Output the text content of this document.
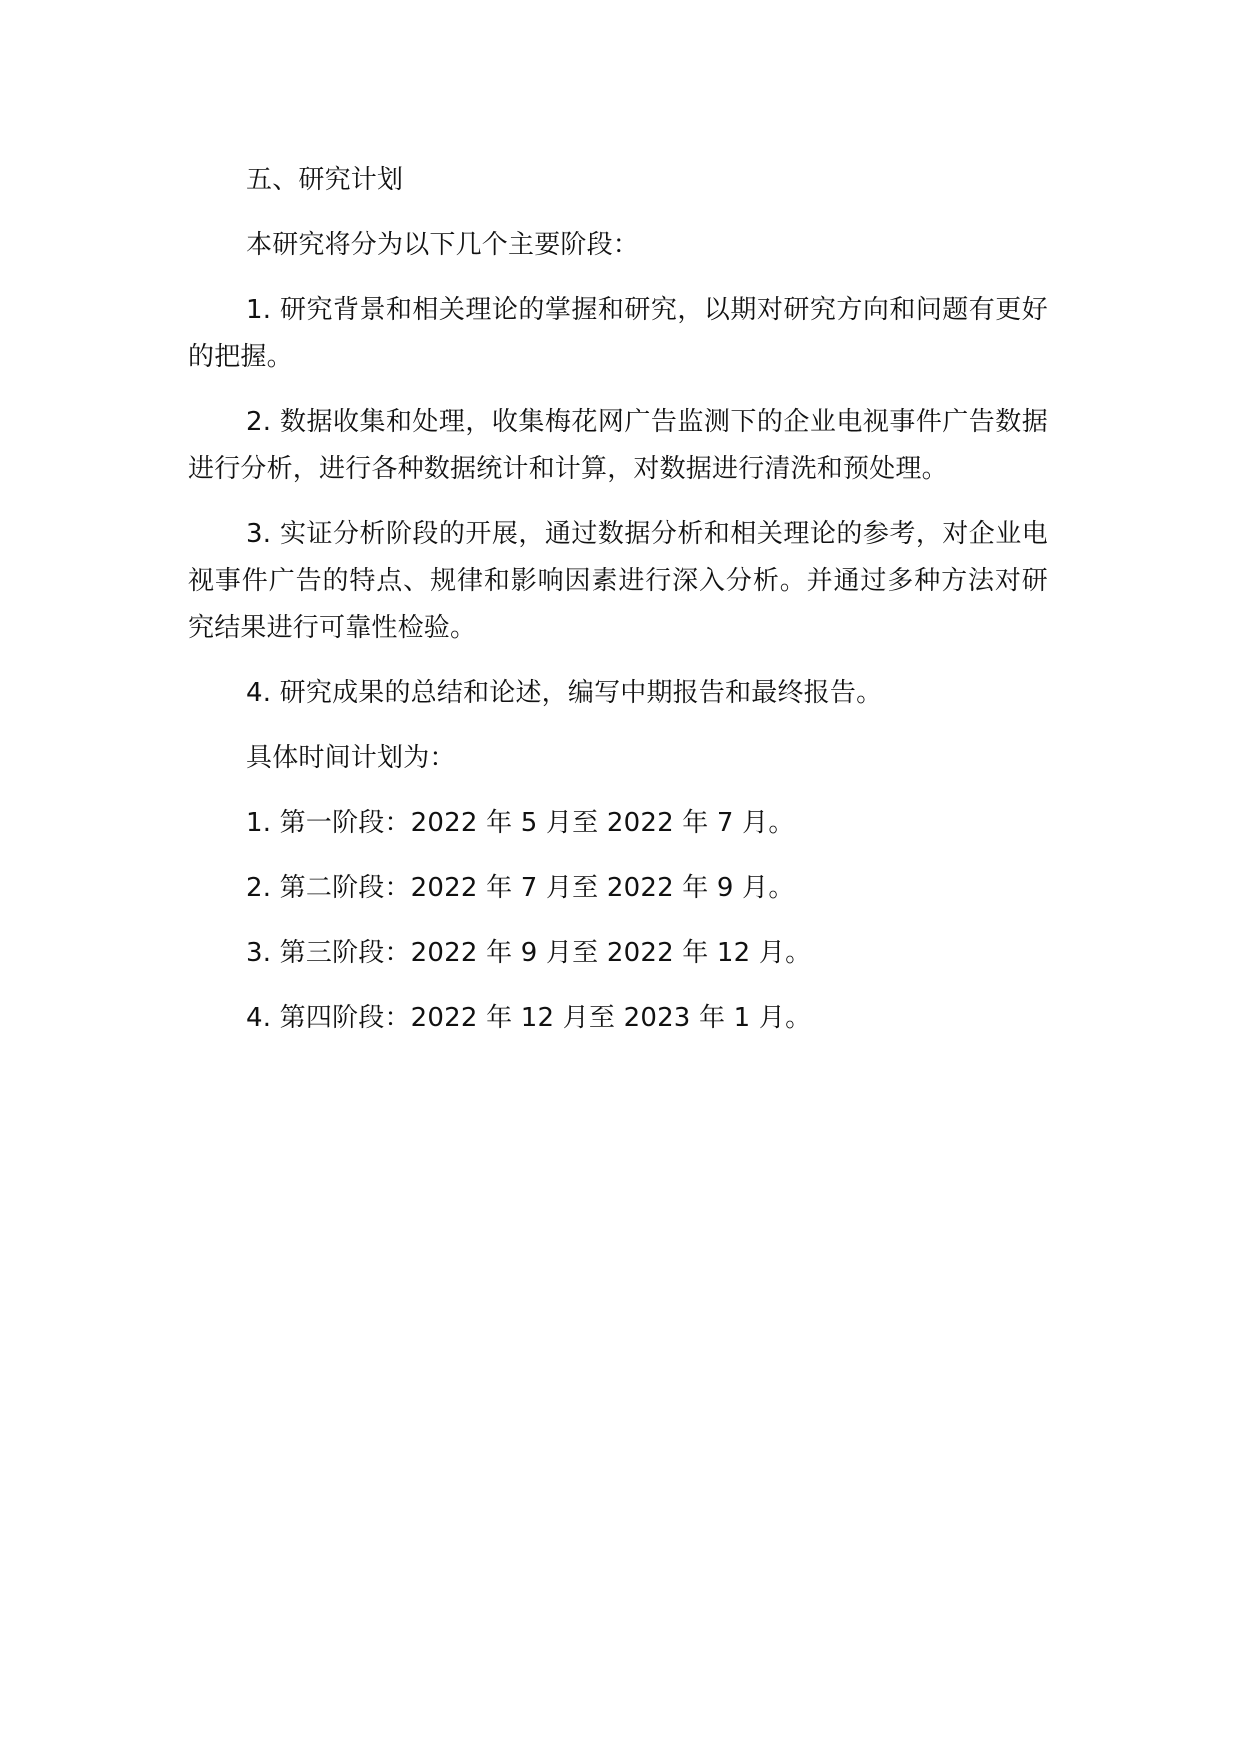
五、研究计划

本研究将分为以下几个主要阶段：

1. 研究背景和相关理论的掌握和研究，以期对研究方向和问题有更好的把握。

2. 数据收集和处理，收集梅花网广告监测下的企业电视事件广告数据进行分析，进行各种数据统计和计算，对数据进行清洗和预处理。

3. 实证分析阶段的开展，通过数据分析和相关理论的参考，对企业电视事件广告的特点、规律和影响因素进行深入分析。并通过多种方法对研究结果进行可靠性检验。

4. 研究成果的总结和论述，编写中期报告和最终报告。

具体时间计划为：

1. 第一阶段：2022 年 5 月至 2022 年 7 月。

2. 第二阶段：2022 年 7 月至 2022 年 9 月。

3. 第三阶段：2022 年 9 月至 2022 年 12 月。

4. 第四阶段：2022 年 12 月至 2023 年 1 月。
